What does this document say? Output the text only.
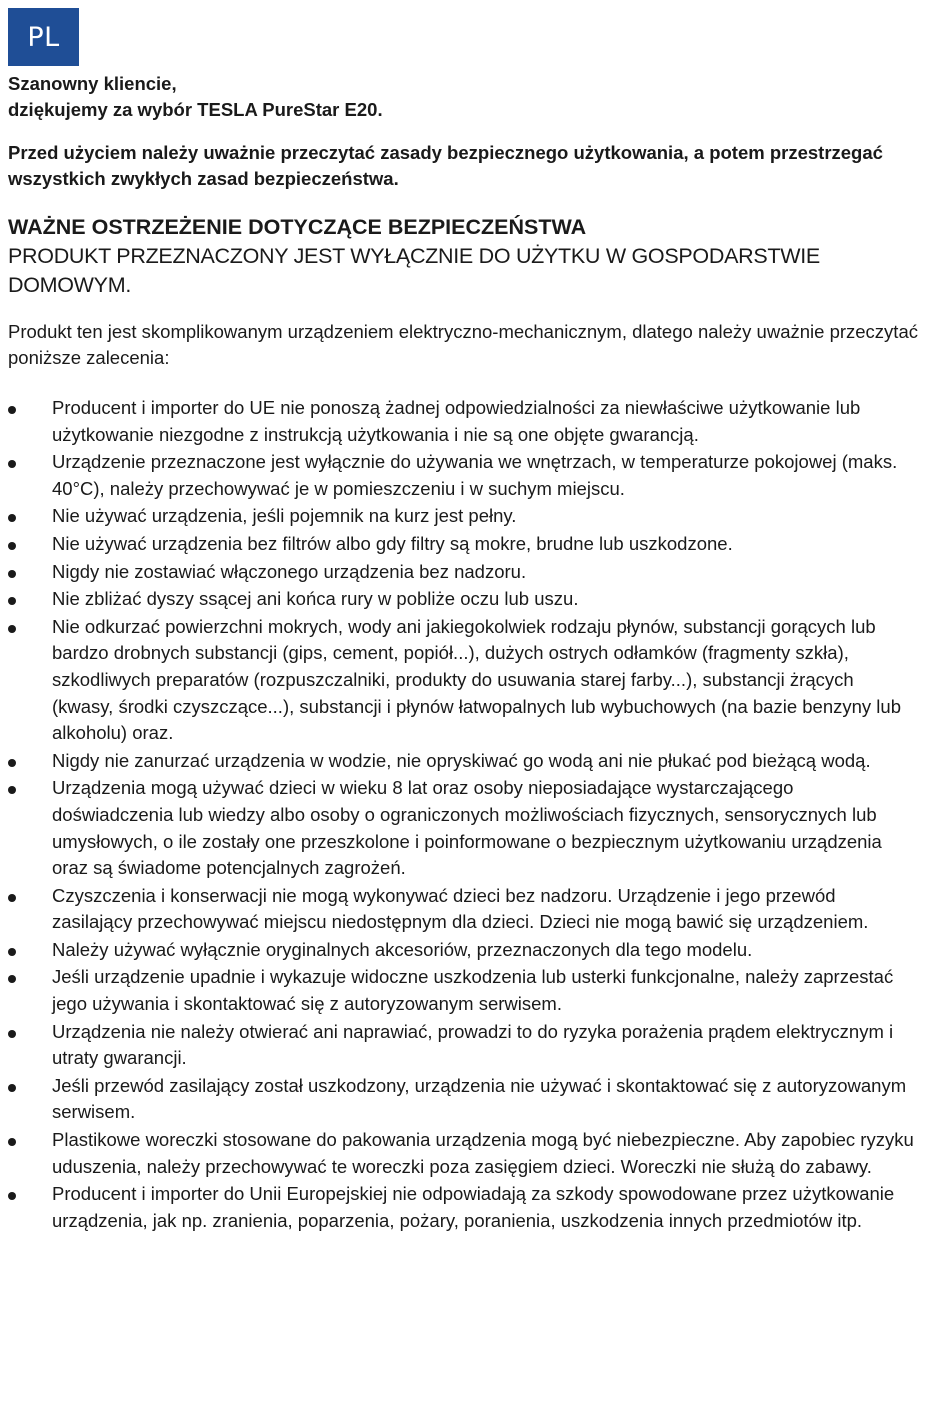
PL
Szanowny kliencie,
dziękujemy za wybór TESLA PureStar E20.
Przed użyciem należy uważnie przeczytać zasady bezpiecznego użytkowania, a potem przestrzegać wszystkich zwykłych zasad bezpieczeństwa.
WAŻNE OSTRZEŻENIE DOTYCZĄCE BEZPIECZEŃSTWA
PRODUKT PRZEZNACZONY JEST WYŁĄCZNIE DO UŻYTKU W GOSPODARSTWIE DOMOWYM.
Produkt ten jest skomplikowanym urządzeniem elektryczno-mechanicznym, dlatego należy uważnie przeczytać poniższe zalecenia:
Producent i importer do UE nie ponoszą żadnej odpowiedzialności za niewłaściwe użytkowanie lub użytkowanie niezgodne z instrukcją użytkowania i nie są one objęte gwarancją.
Urządzenie przeznaczone jest wyłącznie do używania we wnętrzach, w temperaturze pokojowej (maks. 40°C), należy przechowywać je w pomieszczeniu i w suchym miejscu.
Nie używać urządzenia, jeśli pojemnik na kurz jest pełny.
Nie używać urządzenia bez filtrów albo gdy filtry są mokre, brudne lub uszkodzone.
Nigdy nie zostawiać włączonego urządzenia bez nadzoru.
Nie zbliżać dyszy ssącej ani końca rury w pobliże oczu lub uszu.
Nie odkurzać powierzchni mokrych, wody ani jakiegokolwiek rodzaju płynów, substancji gorących lub bardzo drobnych substancji (gips, cement, popiół...), dużych ostrych odłamków (fragmenty szkła), szkodliwych preparatów (rozpuszczalniki, produkty do usuwania starej farby...), substancji żrących (kwasy, środki czyszczące...), substancji i płynów łatwopalnych lub wybuchowych (na bazie benzyny lub alkoholu) oraz.
Nigdy nie zanurzać urządzenia w wodzie, nie opryskiwać go wodą ani nie płukać pod bieżącą wodą.
Urządzenia mogą używać dzieci w wieku 8 lat oraz osoby nieposiadające wystarczającego doświadczenia lub wiedzy albo osoby o ograniczonych możliwościach fizycznych, sensorycznych lub umysłowych, o ile zostały one przeszkolone i poinformowane o bezpiecznym użytkowaniu urządzenia oraz są świadome potencjalnych zagrożeń.
Czyszczenia i konserwacji nie mogą wykonywać dzieci bez nadzoru. Urządzenie i jego przewód zasilający przechowywać miejscu niedostępnym dla dzieci. Dzieci nie mogą bawić się urządzeniem.
Należy używać wyłącznie oryginalnych akcesoriów, przeznaczonych dla tego modelu.
Jeśli urządzenie upadnie i wykazuje widoczne uszkodzenia lub usterki funkcjonalne, należy zaprzestać jego używania i skontaktować się z autoryzowanym serwisem.
Urządzenia nie należy otwierać ani naprawiać, prowadzi to do ryzyka porażenia prądem elektrycznym i utraty gwarancji.
Jeśli przewód zasilający został uszkodzony, urządzenia nie używać i skontaktować się z autoryzowanym serwisem.
Plastikowe woreczki stosowane do pakowania urządzenia mogą być niebezpieczne. Aby zapobiec ryzyku uduszenia, należy przechowywać te woreczki poza zasięgiem dzieci. Woreczki nie służą do zabawy.
Producent i importer do Unii Europejskiej nie odpowiadają za szkody spowodowane przez użytkowanie urządzenia, jak np. zranienia, poparzenia, pożary, poranienia, uszkodzenia innych przedmiotów itp.
